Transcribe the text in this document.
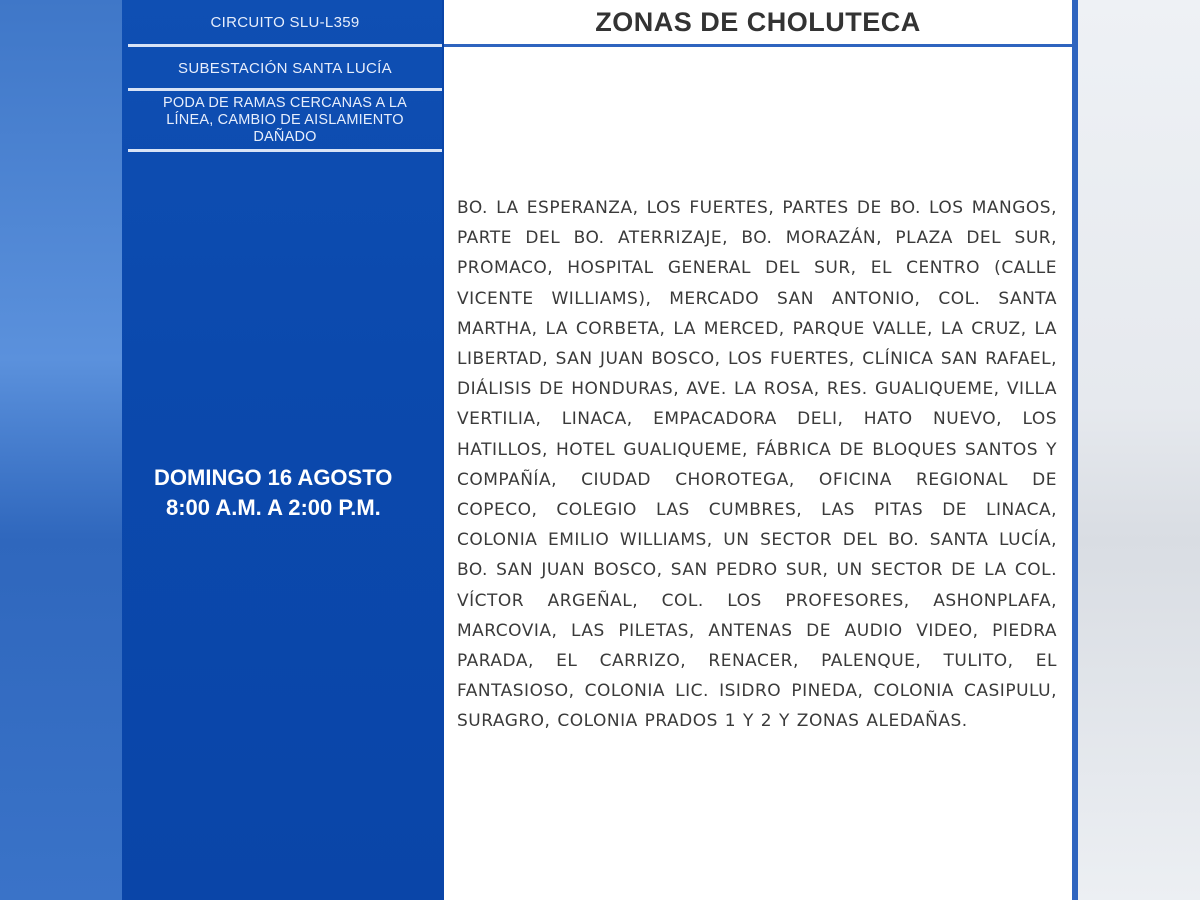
CIRCUITO SLU-L359
SUBESTACIÓN SANTA LUCÍA
PODA DE RAMAS CERCANAS A LA LÍNEA, CAMBIO DE AISLAMIENTO DAÑADO
DOMINGO 16 AGOSTO
8:00 A.M. A 2:00 P.M.
ZONAS DE CHOLUTECA
BO. LA ESPERANZA, LOS FUERTES, PARTES DE BO. LOS MANGOS, PARTE DEL BO. ATERRIZAJE, BO. MORAZÁN, PLAZA DEL SUR, PROMACO, HOSPITAL GENERAL DEL SUR, EL CENTRO (CALLE VICENTE WILLIAMS), MERCADO SAN ANTONIO, COL. SANTA MARTHA, LA CORBETA, LA MERCED, PARQUE VALLE, LA CRUZ, LA LIBERTAD, SAN JUAN BOSCO, LOS FUERTES, CLÍNICA SAN RAFAEL, DIÁLISIS DE HONDURAS, AVE. LA ROSA, RES. GUALIQUEME, VILLA VERTILIA, LINACA, EMPACADORA DELI, HATO NUEVO, LOS HATILLOS, HOTEL GUALIQUEME, FÁBRICA DE BLOQUES SANTOS Y COMPAÑÍA, CIUDAD CHOROTEGA, OFICINA REGIONAL DE COPECO, COLEGIO LAS CUMBRES, LAS PITAS DE LINACA, COLONIA EMILIO WILLIAMS, UN SECTOR DEL BO. SANTA LUCÍA, BO. SAN JUAN BOSCO, SAN PEDRO SUR, UN SECTOR DE LA COL. VÍCTOR ARGEÑAL, COL. LOS PROFESORES, ASHONPLAFA, MARCOVIA, LAS PILETAS, ANTENAS DE AUDIO VIDEO, PIEDRA PARADA, EL CARRIZO, RENACER, PALENQUE, TULITO, EL FANTASIOSO, COLONIA LIC. ISIDRO PINEDA, COLONIA CASIPULU, SURAGRO, COLONIA PRADOS 1 Y 2 Y ZONAS ALEDAÑAS.
